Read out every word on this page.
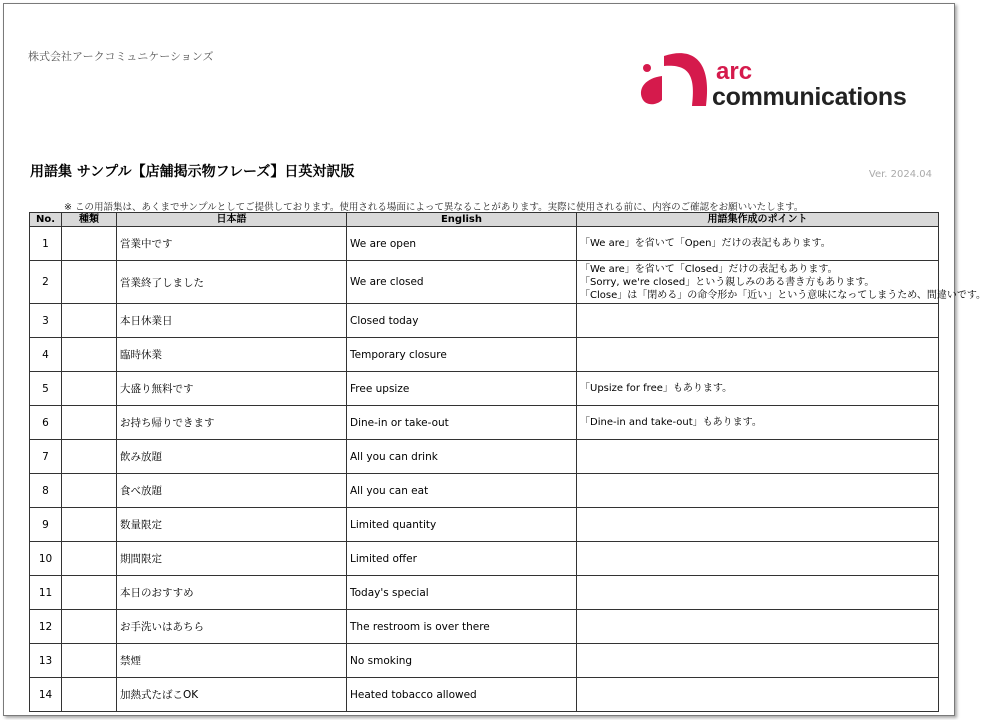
株式会社アークコミュニケーションズ
arc
communications
用語集 サンプル【店舗掲示物フレーズ】日英対訳版	Ver. 2024.04
※ この用語集は、あくまでサンプルとしてご提供しております。使用される場面によって異なることがあります。実際に使用される前に、内容のご確認をお願いいたします。
No.	種類	日本語	English	用語集作成のポイント
1		営業中です	We are open	「We are」を省いて「Open」だけの表記もあります。

2		営業終了しました	We are closed	「We are」を省いて「Closed」だけの表記もあります。
「Sorry, we're closed」という親しみのある書き方もあります。
「Close」は「閉める」の命令形か「近い」という意味になってしまうため、間違いです。

3		本日休業日	Closed today	
4		臨時休業	Temporary closure	
5		大盛り無料です	Free upsize	「Upsize for free」もあります。

6		お持ち帰りできます	Dine-in or take-out	「Dine-in and take-out」もあります。

7		飲み放題	All you can drink	
8		食べ放題	All you can eat	
9		数量限定	Limited quantity	
10		期間限定	Limited offer	
11		本日のおすすめ	Today's special	
12		お手洗いはあちら	The restroom is over there	
13		禁煙	No smoking	
14		加熱式たばこOK	Heated tobacco allowed	
